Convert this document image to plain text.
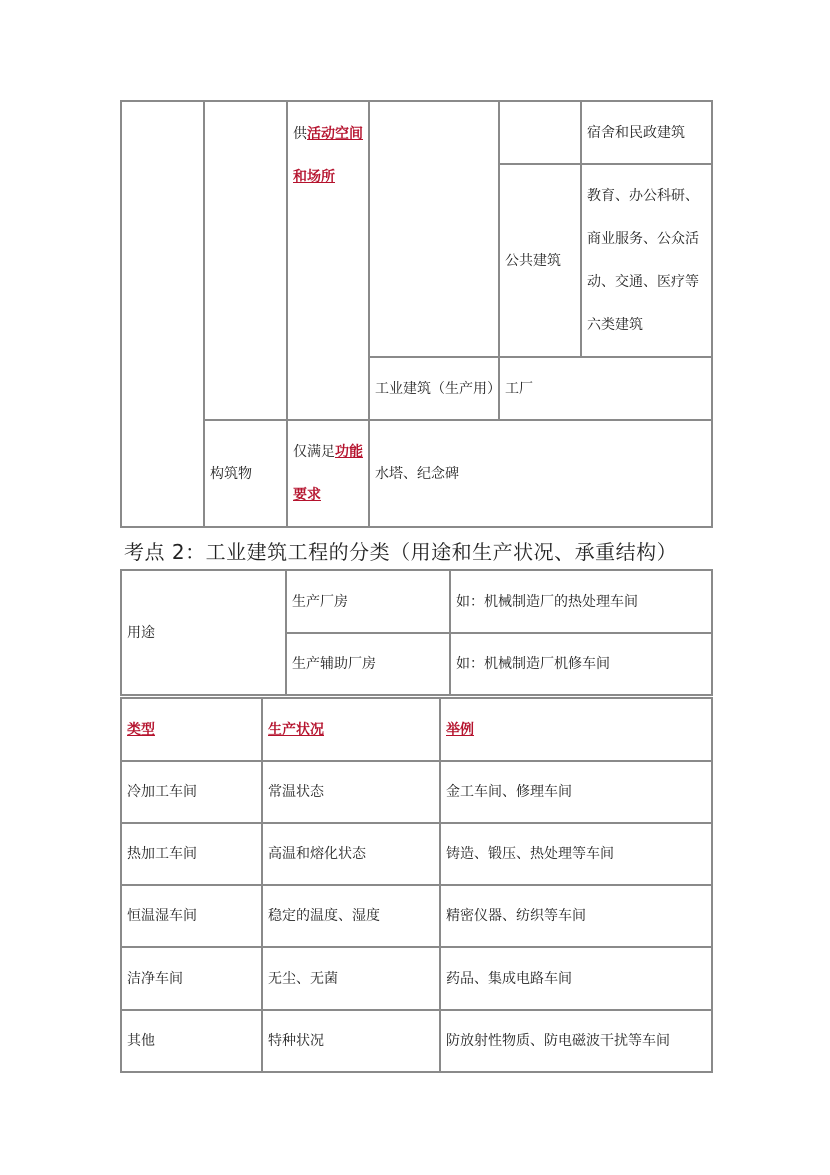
		供活动空间和场所			宿舍和民政建筑
				公共建筑	教育、办公科研、商业服务、公众活动、交通、医疗等六类建筑

			工业建筑（生产用）	工厂	
	构筑物	仅满足功能要求	水塔、纪念碑		
考点 2：工业建筑工程的分类（用途和生产状况、承重结构）
用途	生产厂房	如：机械制造厂的热处理车间
	生产辅助厂房	如：机械制造厂机修车间
类型	生产状况	举例
冷加工车间	常温状态	金工车间、修理车间
热加工车间	高温和熔化状态	铸造、锻压、热处理等车间
恒温湿车间	稳定的温度、湿度	精密仪器、纺织等车间
洁净车间	无尘、无菌	药品、集成电路车间
其他	特种状况	防放射性物质、防电磁波干扰等车间
